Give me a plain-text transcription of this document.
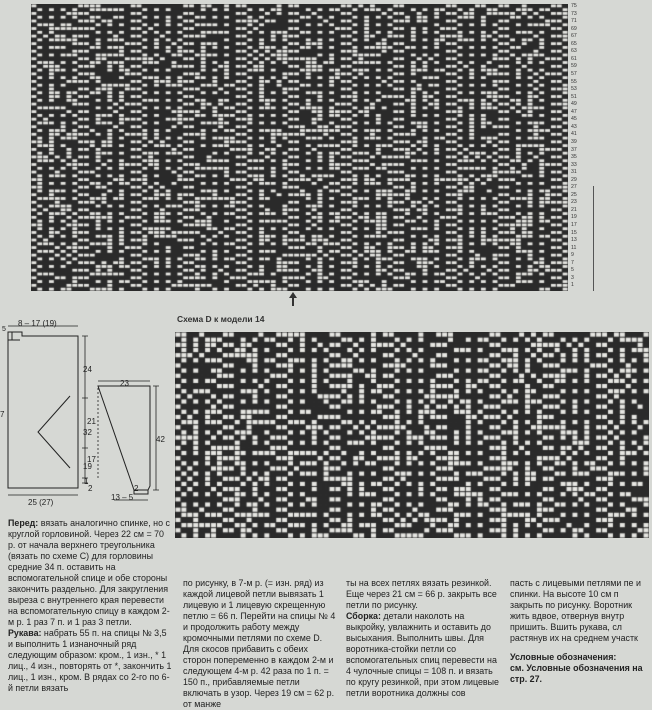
75
73
71
69
67
65
63
61
59
57
55
53
51
49
47
45
43
41
39
37
35
33
31
29
27
25
23
21
19
17
15
13
11
9
7
5
3
1
Схема D к модели 14
8 – 17 (19)
5
7
24
32
19
1
2
25 (27)
23
21
42
17
2
13 – 5

Перед: вязать аналогично спинке, но с круглой горловиной. Через 22 см = 70 р. от начала верхнего треугольника (вязать по схеме C) для горловины средние 34 п. оставить на вспомогательной спице и обе стороны закончить раздельно. Для закругления выреза с внутреннего края перевести на вспомогательную спицу в каждом 2-м р. 1 раз 7 п. и 1 раз 3 петли.

Рукава: набрать 55 п. на спицы № 3,5 и выполнить 1 изнаночный ряд следующим образом: кром., 1 изн., * 1 лиц., 4 изн., повторять от *, закончить 1 лиц., 1 изн., кром. В рядах со 2-го по 6-й петли вязать

по рисунку, в 7-м р. (= изн. ряд) из каждой лицевой петли вывязать 1 лицевую и 1 лицевую скрещенную петлю = 66 п. Перейти на спицы № 4 и продолжить работу между кромочными петлями по схеме D. Для скосов прибавить с обеих сторон попеременно в каждом 2-м и следующем 4-м р. 42 раза по 1 п. = 150 п., прибавляемые петли включать в узор. Через 19 см = 62 р. от манже

ты на всех петлях вязать резинкой. Еще через 21 см = 66 р. закрыть все петли по рисунку.

Сборка: детали наколоть на выкройку, увлажнить и оставить до высыхания. Выполнить швы. Для воротника-стойки петли со вспомогательных спиц перевести на 4 чулочные спицы = 108 п. и вязать по кругу резинкой, при этом лицевые петли воротника должны сов

пасть с лицевыми петлями пе и спинки. На высоте 10 см п закрыть по рисунку. Воротник жить вдвое, отвернув внутр пришить. Вшить рукава, сл растянув их на среднем участк

Условные обозначения:

см. Условные обозначения на стр. 27.
